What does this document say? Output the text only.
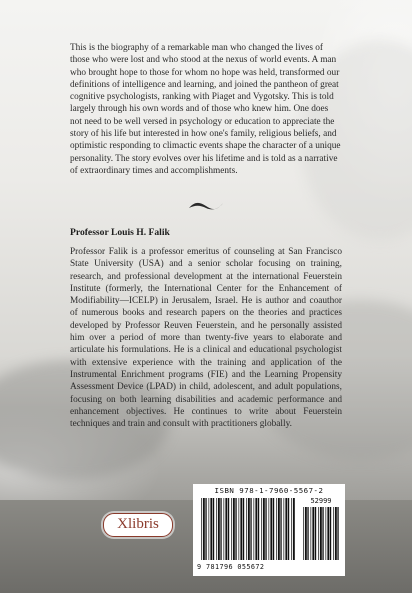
This is the biography of a remarkable man who changed the lives of those who were lost and who stood at the nexus of world events. A man who brought hope to those for whom no hope was held, transformed our definitions of intelligence and learning, and joined the pantheon of great cognitive psychologists, ranking with Piaget and Vygotsky. This is told largely through his own words and of those who knew him. One does not need to be well versed in psychology or education to appreciate the story of his life but interested in how one's family, religious beliefs, and optimistic responding to climactic events shape the character of a unique personality. The story evolves over his lifetime and is told as a narrative of extraordinary times and accomplishments.
Professor Louis H. Falik
Professor Falik is a professor emeritus of counseling at San Francisco State University (USA) and a senior scholar focusing on training, research, and professional development at the international Feuerstein Institute (formerly, the International Center for the Enhancement of Modifiability—ICELP) in Jerusalem, Israel. He is author and coauthor of numerous books and research papers on the theories and practices developed by Professor Reuven Feuerstein, and he personally assisted him over a period of more than twenty-five years to elaborate and articulate his formulations. He is a clinical and educational psychologist with extensive experience with the training and application of the Instrumental Enrichment programs (FIE) and the Learning Propensity Assessment Device (LPAD) in child, adolescent, and adult populations, focusing on both learning disabilities and academic performance and enhancement objectives. He continues to write about Feuerstein techniques and train and consult with practitioners globally.
Xlibris
ISBN 978-1-7960-5567-2
52999
9 781796 055672
